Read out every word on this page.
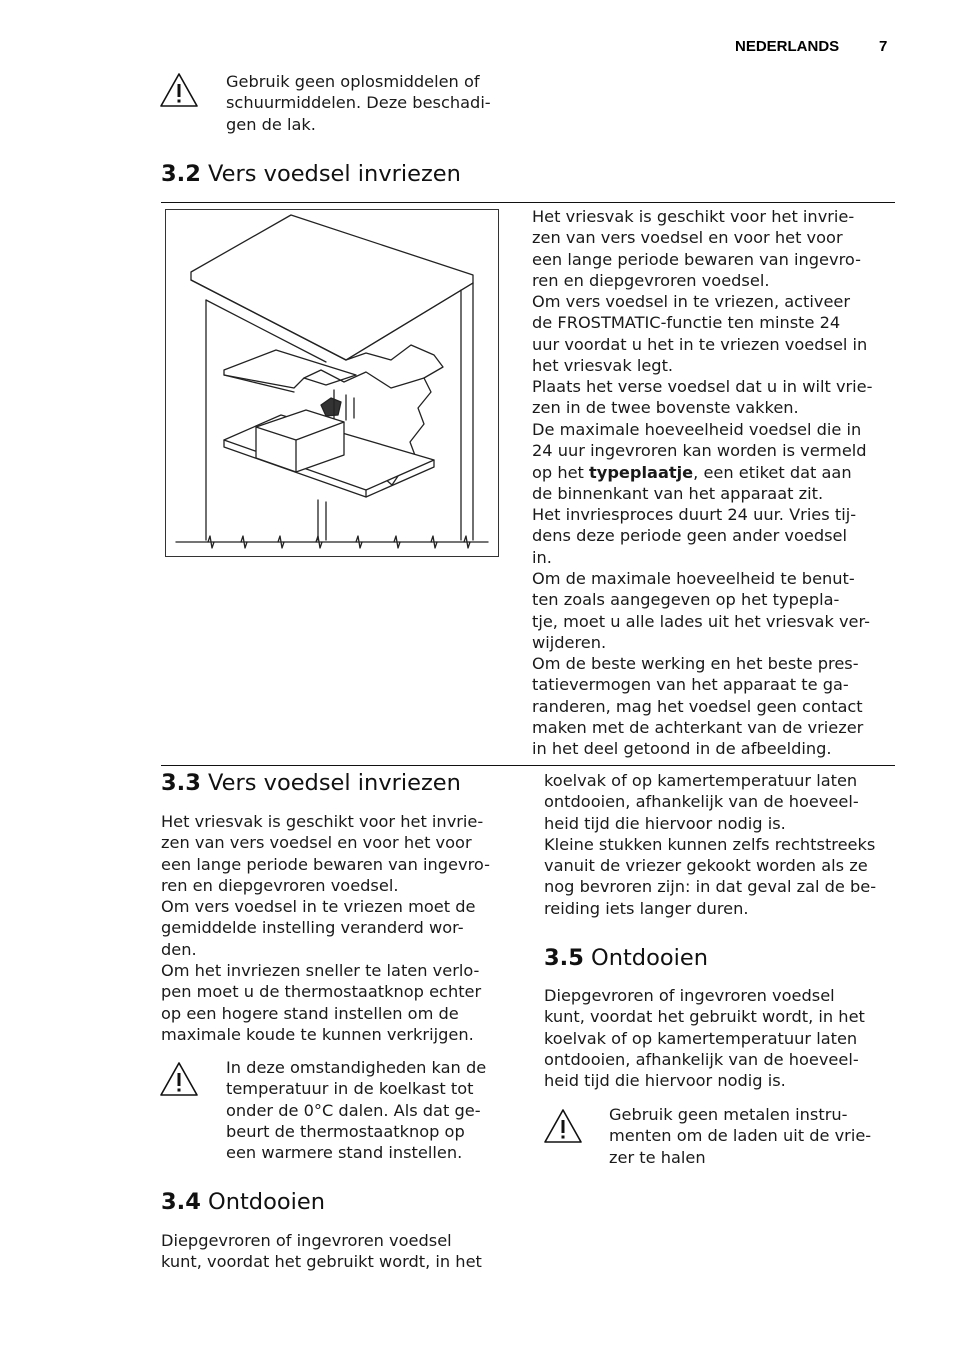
NEDERLANDS	7
Gebruik geen oplosmiddelen of
schuurmiddelen. Deze beschadi-
gen de lak.
3.2 Vers voedsel invriezen
Het vriesvak is geschikt voor het invrie-
zen van vers voedsel en voor het voor
een lange periode bewaren van ingevro-
ren en diepgevroren voedsel.
Om vers voedsel in te vriezen, activeer
de FROSTMATIC-functie ten minste 24
uur voordat u het in te vriezen voedsel in
het vriesvak legt.
Plaats het verse voedsel dat u in wilt vrie-
zen in de twee bovenste vakken.
De maximale hoeveelheid voedsel die in
24 uur ingevroren kan worden is vermeld
op het typeplaatje, een etiket dat aan
de binnenkant van het apparaat zit.
Het invriesproces duurt 24 uur. Vries tij-
dens deze periode geen ander voedsel
in.
Om de maximale hoeveelheid te benut-
ten zoals aangegeven op het typepla-
tje, moet u alle lades uit het vriesvak ver-
wijderen.
Om de beste werking en het beste pres-
tatievermogen van het apparaat te ga-
randeren, mag het voedsel geen contact
maken met de achterkant van de vriezer
in het deel getoond in de afbeelding.
3.3 Vers voedsel invriezen
Het vriesvak is geschikt voor het invrie-
zen van vers voedsel en voor het voor
een lange periode bewaren van ingevro-
ren en diepgevroren voedsel.
Om vers voedsel in te vriezen moet de
gemiddelde instelling veranderd wor-
den.
Om het invriezen sneller te laten verlo-
pen moet u de thermostaatknop echter
op een hogere stand instellen om de
maximale koude te kunnen verkrijgen.
In deze omstandigheden kan de
temperatuur in de koelkast tot
onder de 0°C dalen. Als dat ge-
beurt de thermostaatknop op
een warmere stand instellen.
3.4 Ontdooien
Diepgevroren of ingevroren voedsel
kunt, voordat het gebruikt wordt, in het
koelvak of op kamertemperatuur laten
ontdooien, afhankelijk van de hoeveel-
heid tijd die hiervoor nodig is.
Kleine stukken kunnen zelfs rechtstreeks
vanuit de vriezer gekookt worden als ze
nog bevroren zijn: in dat geval zal de be-
reiding iets langer duren.
3.5 Ontdooien
Diepgevroren of ingevroren voedsel
kunt, voordat het gebruikt wordt, in het
koelvak of op kamertemperatuur laten
ontdooien, afhankelijk van de hoeveel-
heid tijd die hiervoor nodig is.
Gebruik geen metalen instru-
menten om de laden uit de vrie-
zer te halen
